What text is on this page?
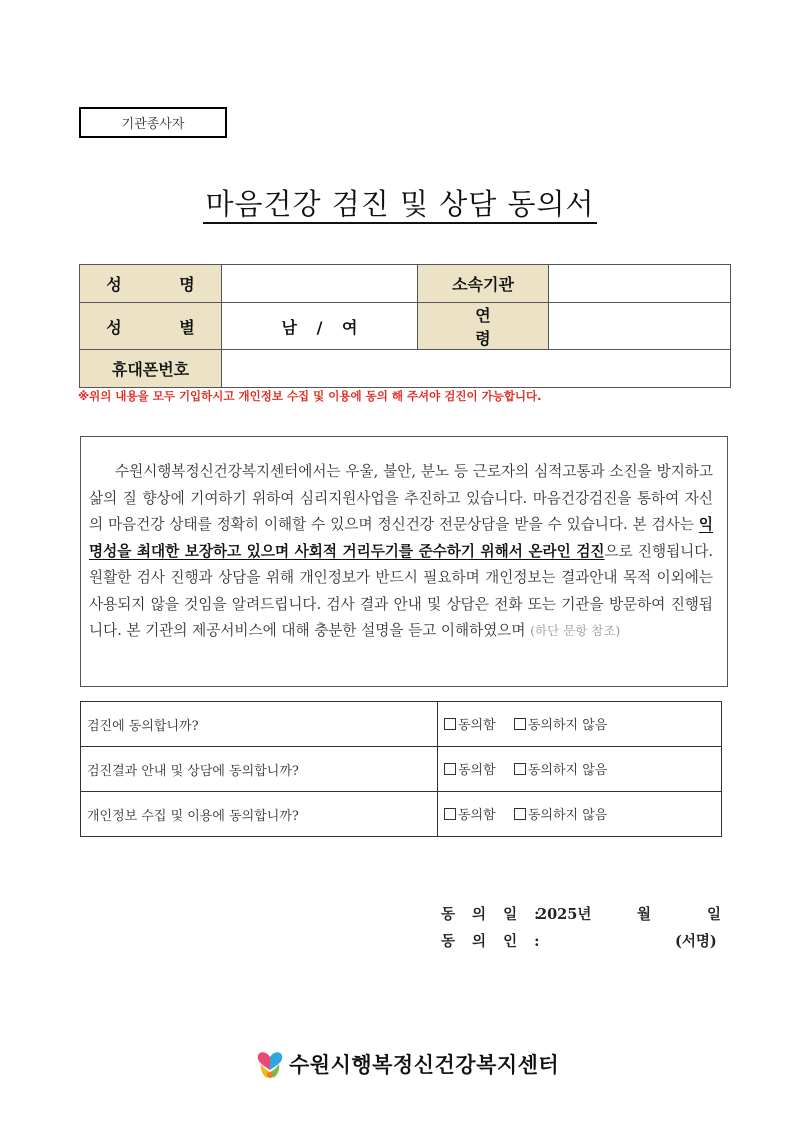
기관종사자
마음건강 검진 및 상담 동의서
성 명		소속기관	
성 별	남 / 여	연 령	
휴대폰번호			
※위의 내용을 모두 기입하시고 개인정보 수집 및 이용에 동의 해 주셔야 검진이 가능합니다.
수원시행복정신건강복지센터에서는 우울, 불안, 분노 등 근로자의 심적고통과 소진을 방지하고 삶의 질 향상에 기여하기 위하여 심리지원사업을 추진하고 있습니다. 마음건강검진을 통하여 자신의 마음건강 상태를 정확히 이해할 수 있으며 정신건강 전문상담을 받을 수 있습니다. 본 검사는 익명성을 최대한 보장하고 있으며 사회적 거리두기를 준수하기 위해서 온라인 검진으로 진행됩니다. 원활한 검사 진행과 상담을 위해 개인정보가 반드시 필요하며 개인정보는 결과안내 목적 이외에는 사용되지 않을 것임을 알려드립니다. 검사 결과 안내 및 상담은 전화 또는 기관을 방문하여 진행됩니다. 본 기관의 제공서비스에 대해 충분한 설명을 듣고 이해하였으며 (하단 문항 참조)
검진에 동의합니까?	동의함
동의하지 않음

검진결과 안내 및 상담에 동의합니까?	동의함
동의하지 않음

개인정보 수집 및 이용에 동의합니까?	동의함
동의하지 않음
동 의 일 :
2025년	월	일
동 의 인 :	(서명)
수원시행복정신건강복지센터
